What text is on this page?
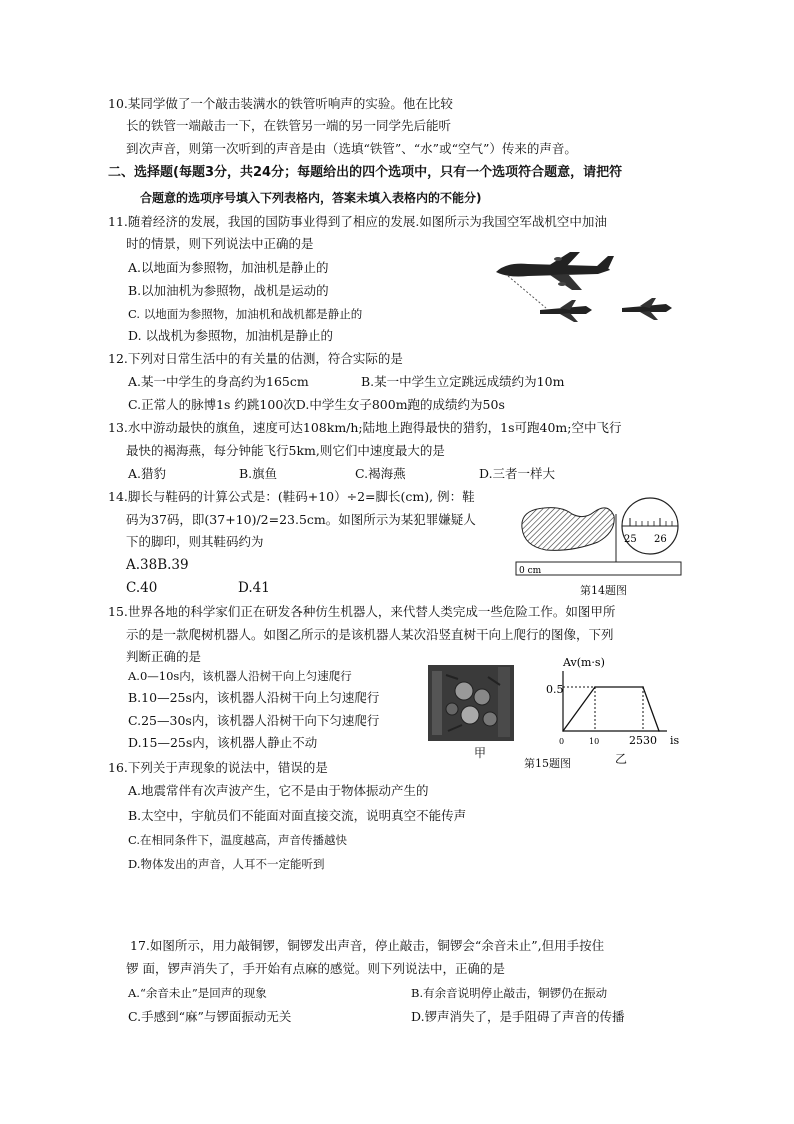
10.某同学做了一个敲击装满水的铁管听响声的实验。他在比较
长的铁管一端敲击一下，在铁管另一端的另一同学先后能听
到次声音，则第一次听到的声音是由（选填“铁管”、“水”或“空气”）传来的声音。
二、选择题(每题3分，共24分；每题给出的四个选项中，只有一个选项符合题意，请把符
合题意的选项序号填入下列表格内，答案未填入表格内的不能分)
11.随着经济的发展，我国的国防事业得到了相应的发展.如图所示为我国空军战机空中加油
时的情景，则下列说法中正确的是
A.以地面为参照物，加油机是静止的
B.以加油机为参照物，战机是运动的
C. 以地面为参照物，加油机和战机都是静止的
D. 以战机为参照物，加油机是静止的
12.下列对日常生活中的有关量的估测，符合实际的是
A.某一中学生的身高约为165cm	B.某一中学生立定跳远成绩约为10m
C.正常人的脉博1s 约跳100次D.中学生女子800m跑的成绩约为50s
13.水中游动最快的旗鱼，速度可达108km/h;陆地上跑得最快的猎豹，1s可跑40m;空中飞行
最快的褐海燕，每分钟能飞行5km,则它们中速度最大的是
A.猎豹	B.旗鱼	C.褐海燕	D.三者一样大
14.脚长与鞋码的计算公式是：(鞋码+10）÷2=脚长(cm), 例：鞋
码为37码，即(37+10)/2=23.5cm。如图所示为某犯罪嫌疑人
下的脚印，则其鞋码约为
A.38B.39
C.40	D.41
25 26
0 cm
第14题图
15.世界各地的科学家们正在研发各种仿生机器人，来代替人类完成一些危险工作。如图甲所
示的是一款爬树机器人。如图乙所示的是该机器人某次沿竖直树干向上爬行的图像，下列
判断正确的是
A.0—10s内，该机器人沿树干向上匀速爬行
B.10—25s内，该机器人沿树干向上匀速爬行
C.25—30s内，该机器人沿树干向下匀速爬行
D.15—25s内，该机器人静止不动
甲
Av(m·s)
0.5
0	10	2530 is
乙
第15题图
16.下列关于声现象的说法中，错误的是
A.地震常伴有次声波产生，它不是由于物体振动产生的
B.太空中，宇航员们不能面对面直接交流，说明真空不能传声
C.在相同条件下，温度越高，声音传播越快
D.物体发出的声音，人耳不一定能听到
17.如图所示，用力敲铜锣，铜锣发出声音，停止敲击，铜锣会“余音未止”,但用手按住
锣 面，锣声消失了，手开始有点麻的感觉。则下列说法中，正确的是
A.“余音未止”是回声的现象	B.有余音说明停止敲击，铜锣仍在振动
C.手感到“麻”与锣面振动无关	D.锣声消失了，是手阻碍了声音的传播
